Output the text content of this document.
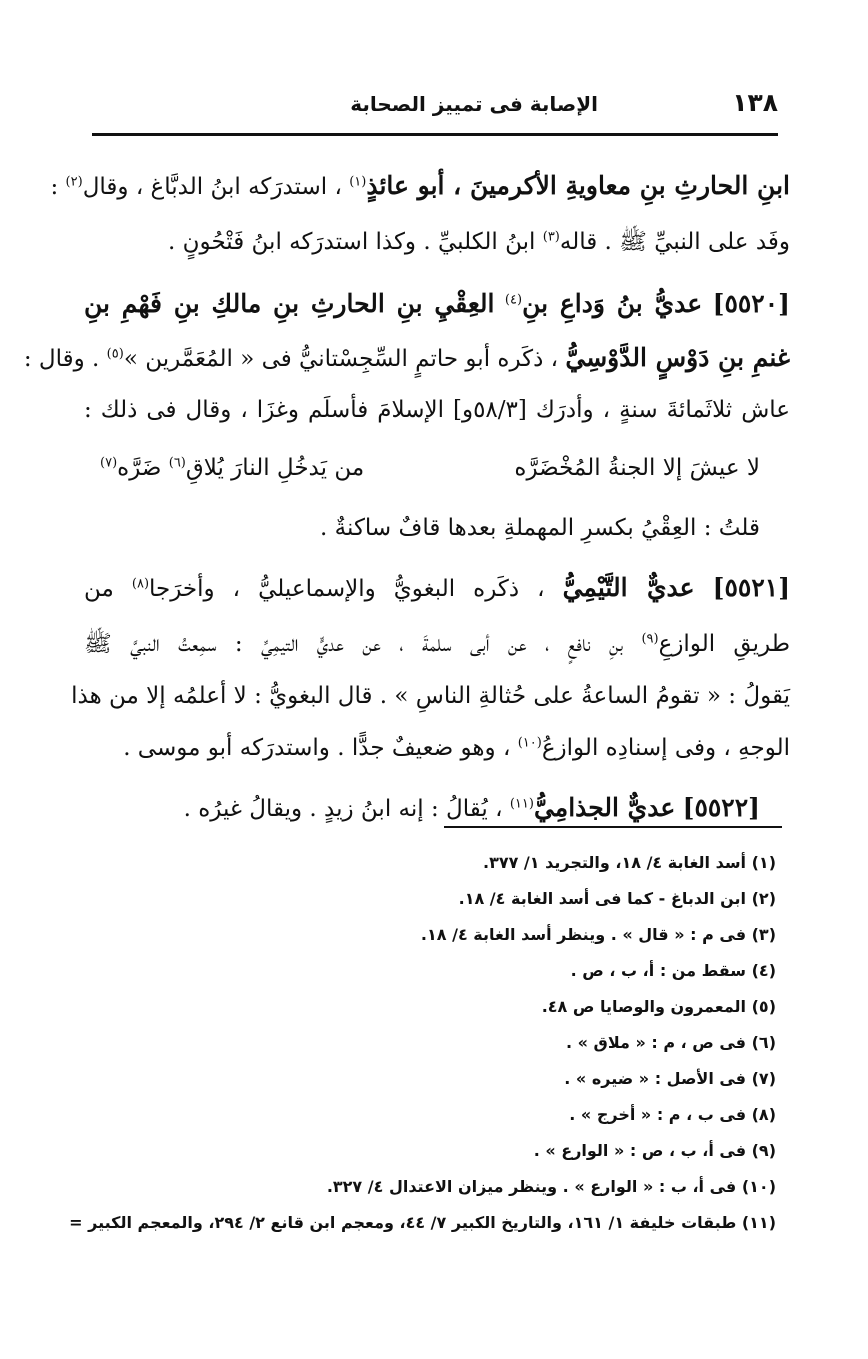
١٣٨
الإصابة فى تمييز الصحابة
ابنِ الحارثِ بنِ معاويةِ الأكرمينَ ، أبو عائذٍ$^{(١)}$ ، استدرَكه ابنُ الدبَّاغ ، وقال$^{(٢)}$ :
وفَد على النبيِّ ﷺ . قاله$^{(٣)}$ ابنُ الكلبيِّ . وكذا استدرَكه ابنُ فَتْحُونٍ .
[٥٥٢٠] عديُّ بنُ وَداعِ بنِ$^{(٤)}$ العِقْيِ بنِ الحارثِ بنِ مالكِ بنِ فَهْمِ بنِ
غنمِ بنِ دَوْسٍ الدَّوْسِيُّ ، ذكَره أبو حاتمٍ السِّجِسْتانيُّ فى « المُعَمَّرين »$^{(٥)}$ . وقال :
عاش ثلاثَمائةَ سنةٍ ، وأدرَك [٥٨/٣و] الإسلامَ فأسلَم وغزَا ، وقال فى ذلك :
لا عيشَ إلا الجنةُ المُخْضَرَّه
من يَدخُلِ النارَ يُلاقِ$^{(٦)}$ ضَرَّه$^{(٧)}$
قلتُ : العِقْيُ بكسرِ المهملةِ بعدها قافٌ ساكنةٌ .
[٥٥٢١] عديٌّ التَّيْمِيُّ ، ذكَره البغويُّ والإسماعيليُّ ، وأخرَجا$^{(٨)}$ من
طريقِ الوازعِ$^{(٩)}$ بنِ نافعٍ ، عن أبى سلمةَ ، عن عديٍّ التيمِيِّ : سمِعتُ النبيَّ ﷺ
يَقولُ : « تقومُ الساعةُ على حُثالةِ الناسِ » . قال البغويُّ : لا أعلمُه إلا من هذا
الوجهِ ، وفى إسنادِه الوازعُ$^{(١٠)}$ ، وهو ضعيفٌ جدًّا . واستدرَكه أبو موسى .
[٥٥٢٢] عديٌّ الجذامِيُّ$^{(١١)}$ ، يُقالُ : إنه ابنُ زيدٍ . ويقالُ غيرُه .
(١) أسد الغابة ٤/ ١٨، والتجريد ١/ ٣٧٧.
(٢) ابن الدباغ - كما فى أسد الغابة ٤/ ١٨.
(٣) فى م : « قال » . وينظر أسد الغابة ٤/ ١٨.
(٤) سقط من : أ، ب ، ص .
(٥) المعمرون والوصايا ص ٤٨.
(٦) فى ص ، م : « ملاق » .
(٧) فى الأصل : « ضيره » .
(٨) فى ب ، م : « أخرج » .
(٩) فى أ، ب ، ص : « الوارع » .
(١٠) فى أ، ب : « الوارع » . وينظر ميزان الاعتدال ٤/ ٣٢٧.
(١١) طبقات خليفة ١/ ١٦١، والتاريخ الكبير ٧/ ٤٤، ومعجم ابن قانع ٢/ ٢٩٤، والمعجم الكبير =
